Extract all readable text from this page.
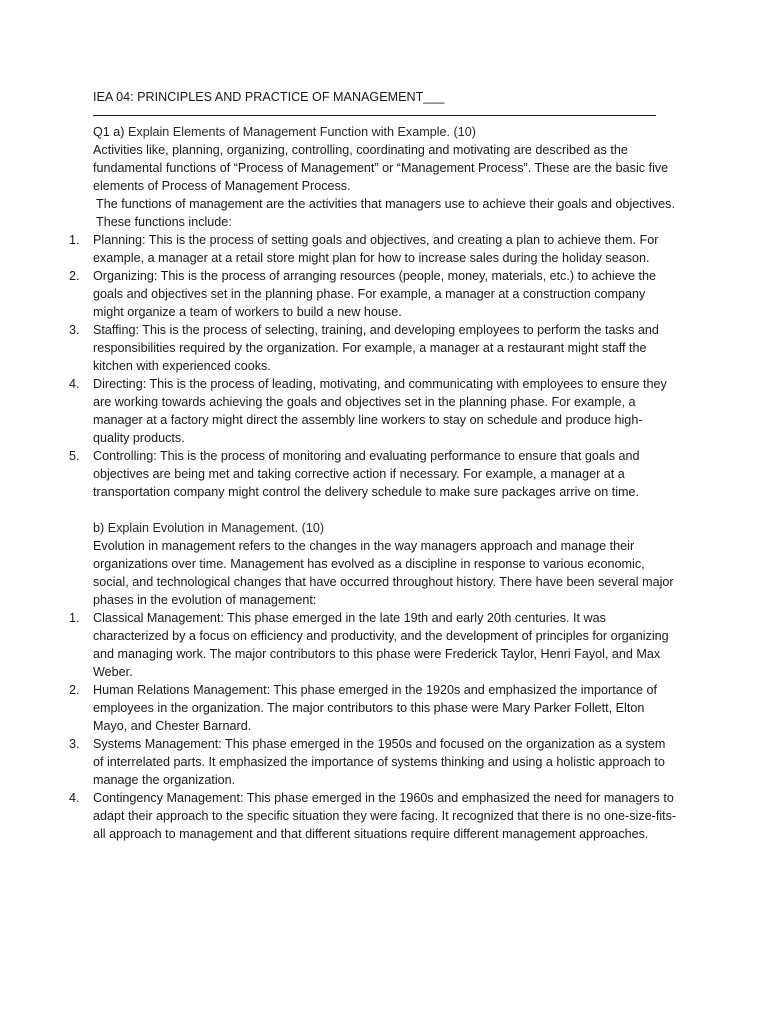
IEA 04: PRINCIPLES AND PRACTICE OF MANAGEMENT___
Q1 a) Explain Elements of Management Function with Example. (10)

Activities like, planning, organizing, controlling, coordinating and motivating are described as the fundamental functions of “Process of Management” or “Management Process”. These are the basic five elements of Process of Management Process.

The functions of management are the activities that managers use to achieve their goals and objectives. These functions include:

1. Planning: This is the process of setting goals and objectives, and creating a plan to achieve them. For example, a manager at a retail store might plan for how to increase sales during the holiday season.
2. Organizing: This is the process of arranging resources (people, money, materials, etc.) to achieve the goals and objectives set in the planning phase. For example, a manager at a construction company might organize a team of workers to build a new house.
3. Staffing: This is the process of selecting, training, and developing employees to perform the tasks and responsibilities required by the organization. For example, a manager at a restaurant might staff the kitchen with experienced cooks.
4. Directing: This is the process of leading, motivating, and communicating with employees to ensure they are working towards achieving the goals and objectives set in the planning phase. For example, a manager at a factory might direct the assembly line workers to stay on schedule and produce high-quality products.
5. Controlling: This is the process of monitoring and evaluating performance to ensure that goals and objectives are being met and taking corrective action if necessary. For example, a manager at a transportation company might control the delivery schedule to make sure packages arrive on time.
b) Explain Evolution in Management. (10)

Evolution in management refers to the changes in the way managers approach and manage their organizations over time. Management has evolved as a discipline in response to various economic, social, and technological changes that have occurred throughout history. There have been several major phases in the evolution of management:

1. Classical Management: This phase emerged in the late 19th and early 20th centuries. It was characterized by a focus on efficiency and productivity, and the development of principles for organizing and managing work. The major contributors to this phase were Frederick Taylor, Henri Fayol, and Max Weber.
2. Human Relations Management: This phase emerged in the 1920s and emphasized the importance of employees in the organization. The major contributors to this phase were Mary Parker Follett, Elton Mayo, and Chester Barnard.
3. Systems Management: This phase emerged in the 1950s and focused on the organization as a system of interrelated parts. It emphasized the importance of systems thinking and using a holistic approach to manage the organization.
4. Contingency Management: This phase emerged in the 1960s and emphasized the need for managers to adapt their approach to the specific situation they were facing. It recognized that there is no one-size-fits-all approach to management and that different situations require different management approaches.
